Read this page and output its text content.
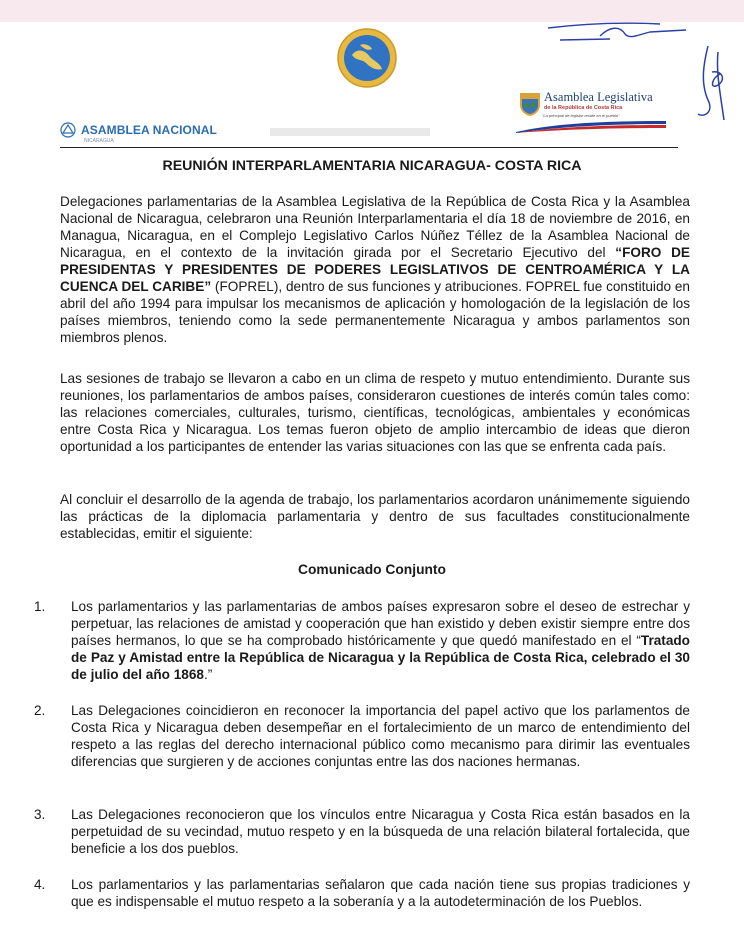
ASAMBLEA NACIONAL
NICARAGUA
Asamblea Legislativa
de la República de Costa Rica
"La principal de legislar reside en el pueblo"
REUNIÓN INTERPARLAMENTARIA NICARAGUA- COSTA RICA

Delegaciones parlamentarias de la Asamblea Legislativa de la República de Costa Rica y la Asamblea Nacional de Nicaragua, celebraron una Reunión Interparlamentaria el día 18 de noviembre de 2016, en Managua, Nicaragua, en el Complejo Legislativo Carlos Núñez Téllez de la Asamblea Nacional de Nicaragua, en el contexto de la invitación girada por el Secretario Ejecutivo del “FORO DE PRESIDENTAS Y PRESIDENTES DE PODERES LEGISLATIVOS DE CENTROAMÉRICA Y LA CUENCA DEL CARIBE” (FOPREL), dentro de sus funciones y atribuciones. FOPREL fue constituido en abril del año 1994 para impulsar los mecanismos de aplicación y homologación de la legislación de los países miembros, teniendo como la sede permanentemente Nicaragua y ambos parlamentos son miembros plenos.

Las sesiones de trabajo se llevaron a cabo en un clima de respeto y mutuo entendimiento. Durante sus reuniones, los parlamentarios de ambos países, consideraron cuestiones de interés común tales como: las relaciones comerciales, culturales, turismo, científicas, tecnológicas, ambientales y económicas entre Costa Rica y Nicaragua. Los temas fueron objeto de amplio intercambio de ideas que dieron oportunidad a los participantes de entender las varias situaciones con las que se enfrenta cada país.

Al concluir el desarrollo de la agenda de trabajo, los parlamentarios acordaron unánimemente siguiendo las prácticas de la diplomacia parlamentaria y dentro de sus facultades constitucionalmente establecidas, emitir el siguiente:

Comunicado Conjunto
1.	Los parlamentarios y las parlamentarias de ambos países expresaron sobre el deseo de estrechar y perpetuar, las relaciones de amistad y cooperación que han existido y deben existir siempre entre dos países hermanos, lo que se ha comprobado históricamente y que quedó manifestado en el “Tratado de Paz y Amistad entre la República de Nicaragua y la República de Costa Rica, celebrado el 30 de julio del año 1868.”

2.	Las Delegaciones coincidieron en reconocer la importancia del papel activo que los parlamentos de Costa Rica y Nicaragua deben desempeñar en el fortalecimiento de un marco de entendimiento del respeto a las reglas del derecho internacional público como mecanismo para dirimir las eventuales diferencias que surgieren y de acciones conjuntas entre las dos naciones hermanas.

3.	Las Delegaciones reconocieron que los vínculos entre Nicaragua y Costa Rica están basados en la perpetuidad de su vecindad, mutuo respeto y en la búsqueda de una relación bilateral fortalecida, que beneficie a los dos pueblos.

4.	Los parlamentarios y las parlamentarias señalaron que cada nación tiene sus propias tradiciones y que es indispensable el mutuo respeto a la soberanía y a la autodeterminación de los Pueblos.
